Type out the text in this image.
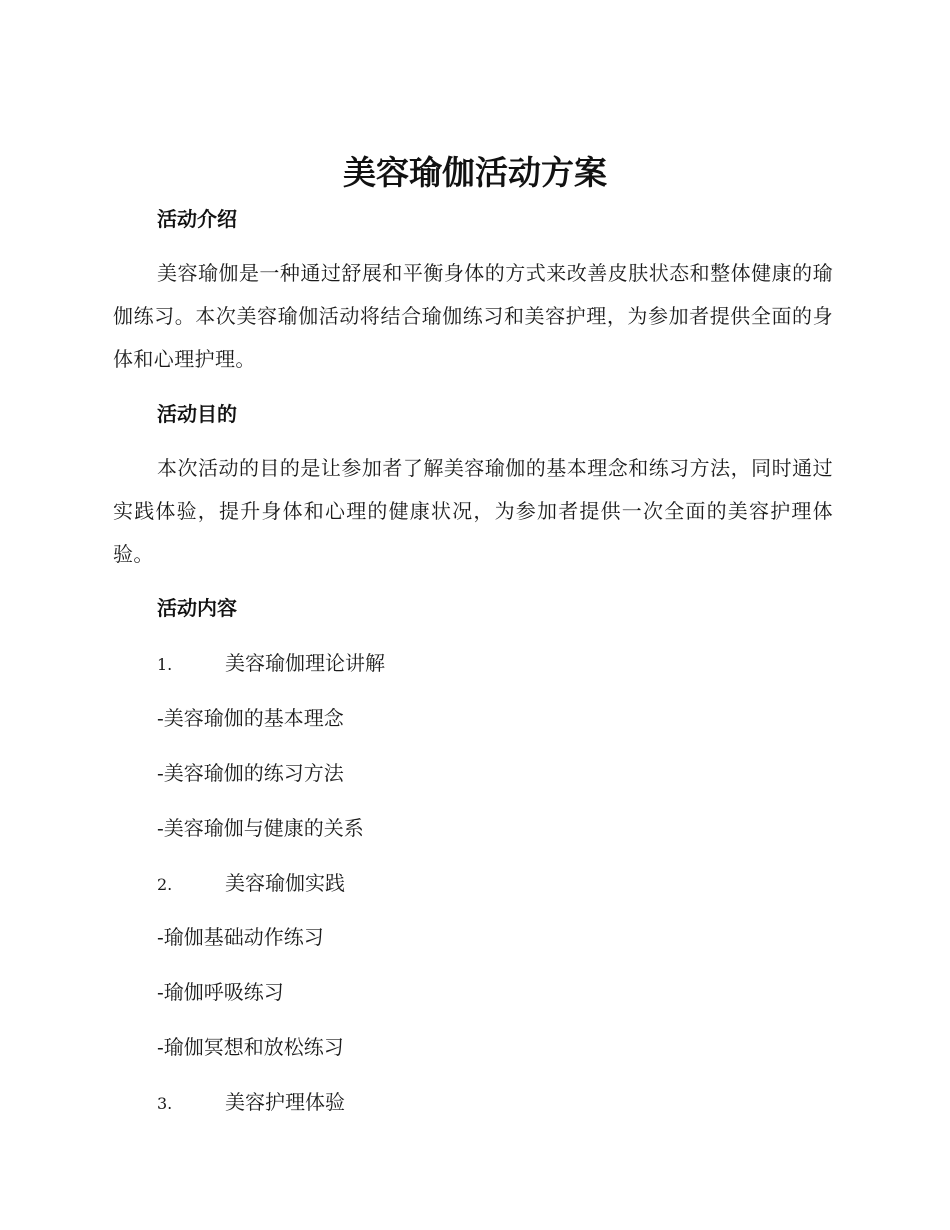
美容瑜伽活动方案
活动介绍

美容瑜伽是一种通过舒展和平衡身体的方式来改善皮肤状态和整体健康的瑜伽练习。本次美容瑜伽活动将结合瑜伽练习和美容护理，为参加者提供全面的身体和心理护理。

活动目的

本次活动的目的是让参加者了解美容瑜伽的基本理念和练习方法，同时通过实践体验，提升身体和心理的健康状况，为参加者提供一次全面的美容护理体验。

活动内容

1.	美容瑜伽理论讲解

-美容瑜伽的基本理念

-美容瑜伽的练习方法

-美容瑜伽与健康的关系

2.	美容瑜伽实践

-瑜伽基础动作练习

-瑜伽呼吸练习

-瑜伽冥想和放松练习

3.	美容护理体验
